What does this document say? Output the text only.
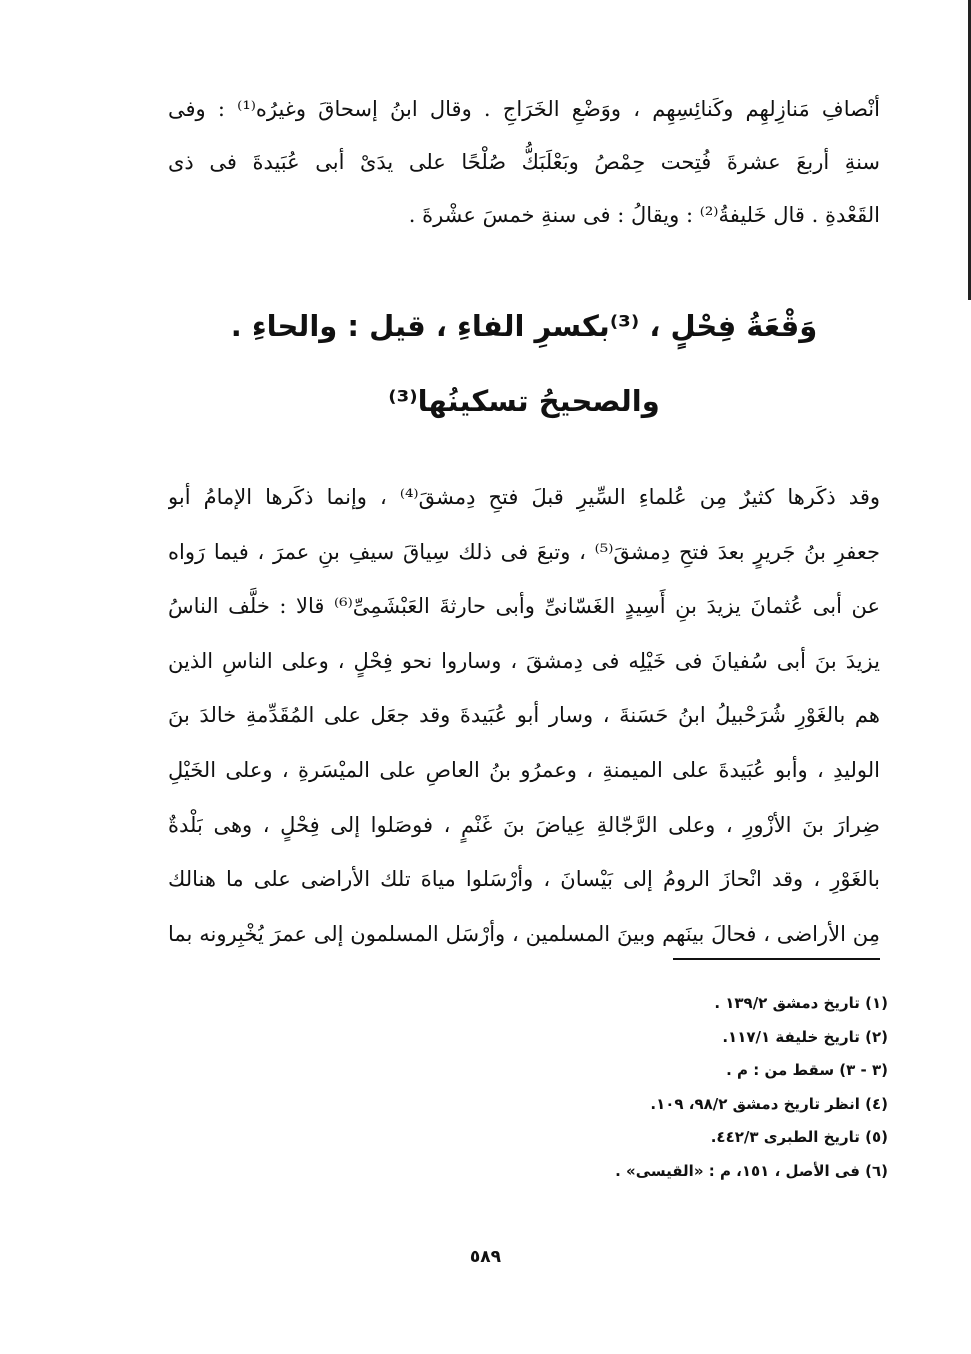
أنْصافِ مَنازِلهِم وكَنائِسِهِم ، ووَضْعِ الخَرَاجِ . وقال ابنُ إسحاقَ وغيرُه⁽¹⁾ : وفى
سنةِ أربعَ عشرةَ فُتِحت حِمْصُ وبَعْلَبَكُّ صُلْحًا على يدَىْ أبى عُبَيدةَ فى ذى
القَعْدةِ . قال خَليفةُ⁽²⁾ : ويقالُ : فى سنةِ خمسَ عشْرةَ .
وَقْعَةُ فِحْلٍ ، ⁽³⁾بكسرِ الفاءِ ، قيل : والحاءِ .
والصحيحُ تسكينُها⁽³⁾
وقد ذكَرها كثيرٌ مِن عُلماءِ السِّيرِ قبلَ فتحِ دِمشقَ⁽⁴⁾ ، وإنما ذكَرها الإمامُ أبو
جعفرِ بنُ جَريرٍ بعدَ فتحِ دِمشقَ⁽⁵⁾ ، وتبعَ فى ذلك سِياقَ سيفِ بنِ عمرَ ، فيما رَواه
عن أبى عُثمانَ يزيدَ بنِ أَسِيدٍ الغَسّانىِّ وأبى حارثةَ العَبْشَمِىِّ⁽⁶⁾ قالا : خلَّف الناسُ
يزيدَ بنَ أبى سُفيانَ فى خَيْلِه فى دِمشقَ ، وساروا نحو فِحْلٍ ، وعلى الناسِ الذين
هم بالغَوْرِ شُرَحْبيلُ ابنُ حَسَنةَ ، وسار أبو عُبَيدةَ وقد جعَل على المُقَدِّمةِ خالدَ بنَ
الوليدِ ، وأبو عُبَيدةَ على الميمنةِ ، وعمرُو بنُ العاصِ على الميْسَرةِ ، وعلى الخَيْلِ
ضِرارَ بنَ الأزْورِ ، وعلى الرَّجّالةِ عِياضَ بنَ غَنْمٍ ، فوصَلوا إلى فِحْلٍ ، وهى بَلْدةٌ
بالغَوْرِ ، وقد انْحازَ الرومُ إلى بَيْسانَ ، وأرْسَلوا مياهَ تلك الأراضى على ما هنالك
مِن الأراضى ، فحالَ بينَهم وبينَ المسلمين ، وأرْسَل المسلمون إلى عمرَ يُخْبِرونه بما
(١) تاريخ دمشق ١٣٩/٢ .
(٢) تاريخ خليفة ١١٧/١.
(٣ - ٣) سقط من : م .
(٤) انظر تاريخ دمشق ٩٨/٢، ١٠٩.
(٥) تاريخ الطبرى ٤٤٢/٣.
(٦) فى الأصل ، ١٥١، م : «القيسى» .
٥٨٩
